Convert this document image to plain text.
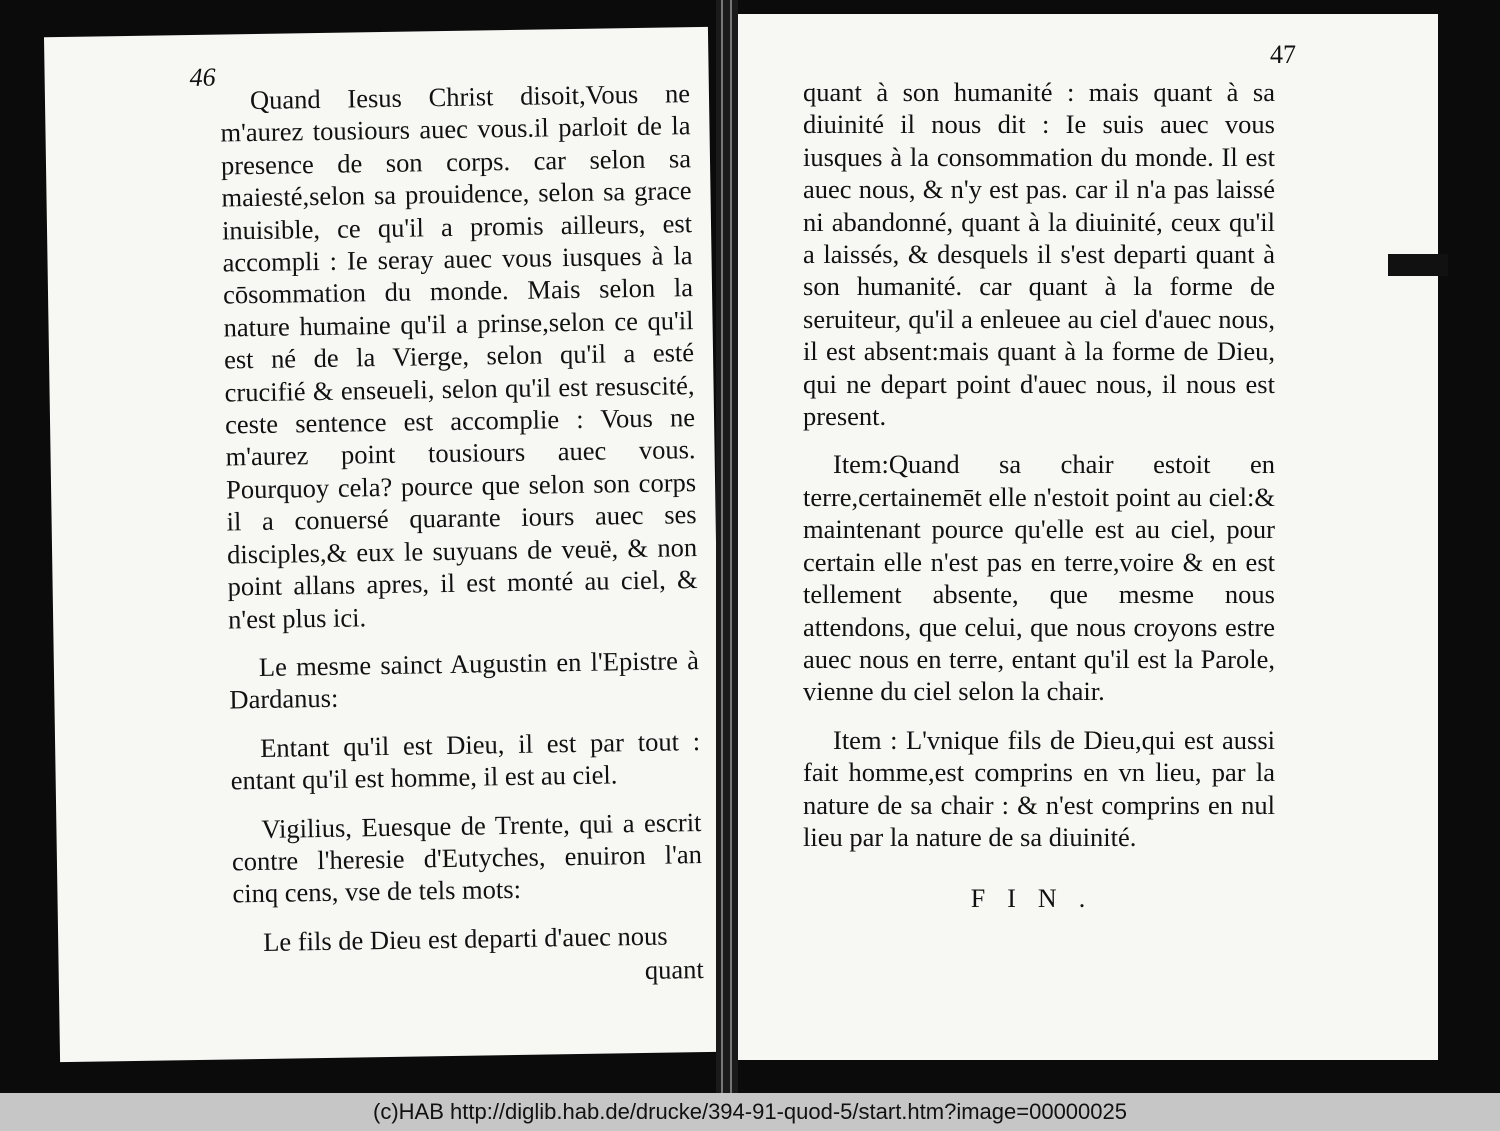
46

Quand Iesus Christ disoit,Vous ne m'aurez tousiours auec vous.il parloit de la presence de son corps. car selon sa maiesté,selon sa prouidence, selon sa grace inuisible, ce qu'il a promis ailleurs, est accompli : Ie seray auec vous iusques à la cōsommation du monde. Mais selon la nature humaine qu'il a prinse,selon ce qu'il est né de la Vierge, selon qu'il a esté crucifié & enseueli, selon qu'il est resuscité, ceste sentence est accomplie : Vous ne m'aurez point tousiours auec vous. Pourquoy cela? pource que selon son corps il a conuersé quarante iours auec ses disciples,& eux le suyuans de veuë, & non point allans apres, il est monté au ciel, & n'est plus ici.

Le mesme sainct Augustin en l'Epistre à Dardanus:

Entant qu'il est Dieu, il est par tout : entant qu'il est homme, il est au ciel.

Vigilius, Euesque de Trente, qui a escrit contre l'heresie d'Eutyches, enuiron l'an cinq cens, vse de tels mots:

Le fils de Dieu est departi d'auec nous

quant

47

quant à son humanité : mais quant à sa diuinité il nous dit : Ie suis auec vous iusques à la consommation du monde. Il est auec nous, & n'y est pas. car il n'a pas laissé ni abandonné, quant à la diuinité, ceux qu'il a laissés, & desquels il s'est departi quant à son humanité. car quant à la forme de seruiteur, qu'il a enleuee au ciel d'auec nous, il est absent:mais quant à la forme de Dieu, qui ne depart point d'auec nous, il nous est present.

Item:Quand sa chair estoit en terre,certainemēt elle n'estoit point au ciel:& maintenant pource qu'elle est au ciel, pour certain elle n'est pas en terre,voire & en est tellement absente, que mesme nous attendons, que celui, que nous croyons estre auec nous en terre, entant qu'il est la Parole, vienne du ciel selon la chair.

Item : L'vnique fils de Dieu,qui est aussi fait homme,est comprins en vn lieu, par la nature de sa chair : & n'est comprins en nul lieu par la nature de sa diuinité.

FIN.

(c)HAB http://diglib.hab.de/drucke/394-91-quod-5/start.htm?image=00000025
